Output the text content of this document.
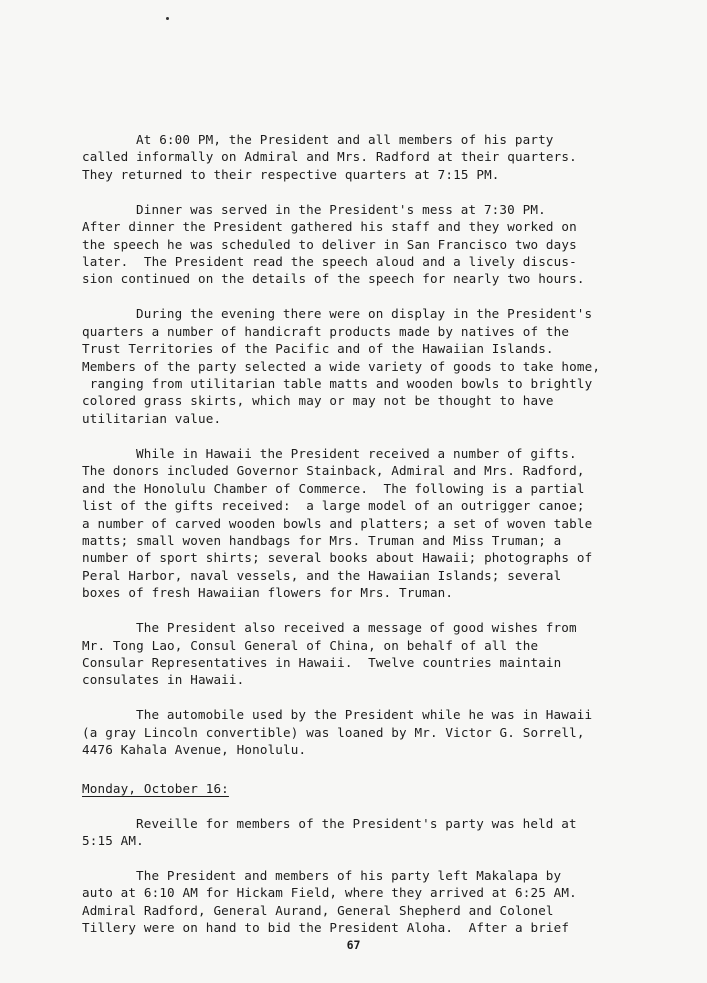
At 6:00 PM, the President and all members of his party
called informally on Admiral and Mrs. Radford at their quarters.
They returned to their respective quarters at 7:15 PM.

Dinner was served in the President's mess at 7:30 PM.
After dinner the President gathered his staff and they worked on
the speech he was scheduled to deliver in San Francisco two days
later.  The President read the speech aloud and a lively discus-
sion continued on the details of the speech for nearly two hours.

During the evening there were on display in the President's
quarters a number of handicraft products made by natives of the
Trust Territories of the Pacific and of the Hawaiian Islands.
Members of the party selected a wide variety of goods to take home,
ranging from utilitarian table matts and wooden bowls to brightly
colored grass skirts, which may or may not be thought to have
utilitarian value.

While in Hawaii the President received a number of gifts.
The donors included Governor Stainback, Admiral and Mrs. Radford,
and the Honolulu Chamber of Commerce.  The following is a partial
list of the gifts received:  a large model of an outrigger canoe;
a number of carved wooden bowls and platters; a set of woven table
matts; small woven handbags for Mrs. Truman and Miss Truman; a
number of sport shirts; several books about Hawaii; photographs of
Peral Harbor, naval vessels, and the Hawaiian Islands; several
boxes of fresh Hawaiian flowers for Mrs. Truman.

The President also received a message of good wishes from
Mr. Tong Lao, Consul General of China, on behalf of all the
Consular Representatives in Hawaii.  Twelve countries maintain
consulates in Hawaii.

The automobile used by the President while he was in Hawaii
(a gray Lincoln convertible) was loaned by Mr. Victor G. Sorrell,
4476 Kahala Avenue, Honolulu.

Monday, October 16:

Reveille for members of the President's party was held at
5:15 AM.

The President and members of his party left Makalapa by
auto at 6:10 AM for Hickam Field, where they arrived at 6:25 AM.
Admiral Radford, General Aurand, General Shepherd and Colonel
Tillery were on hand to bid the President Aloha.  After a brief

67
